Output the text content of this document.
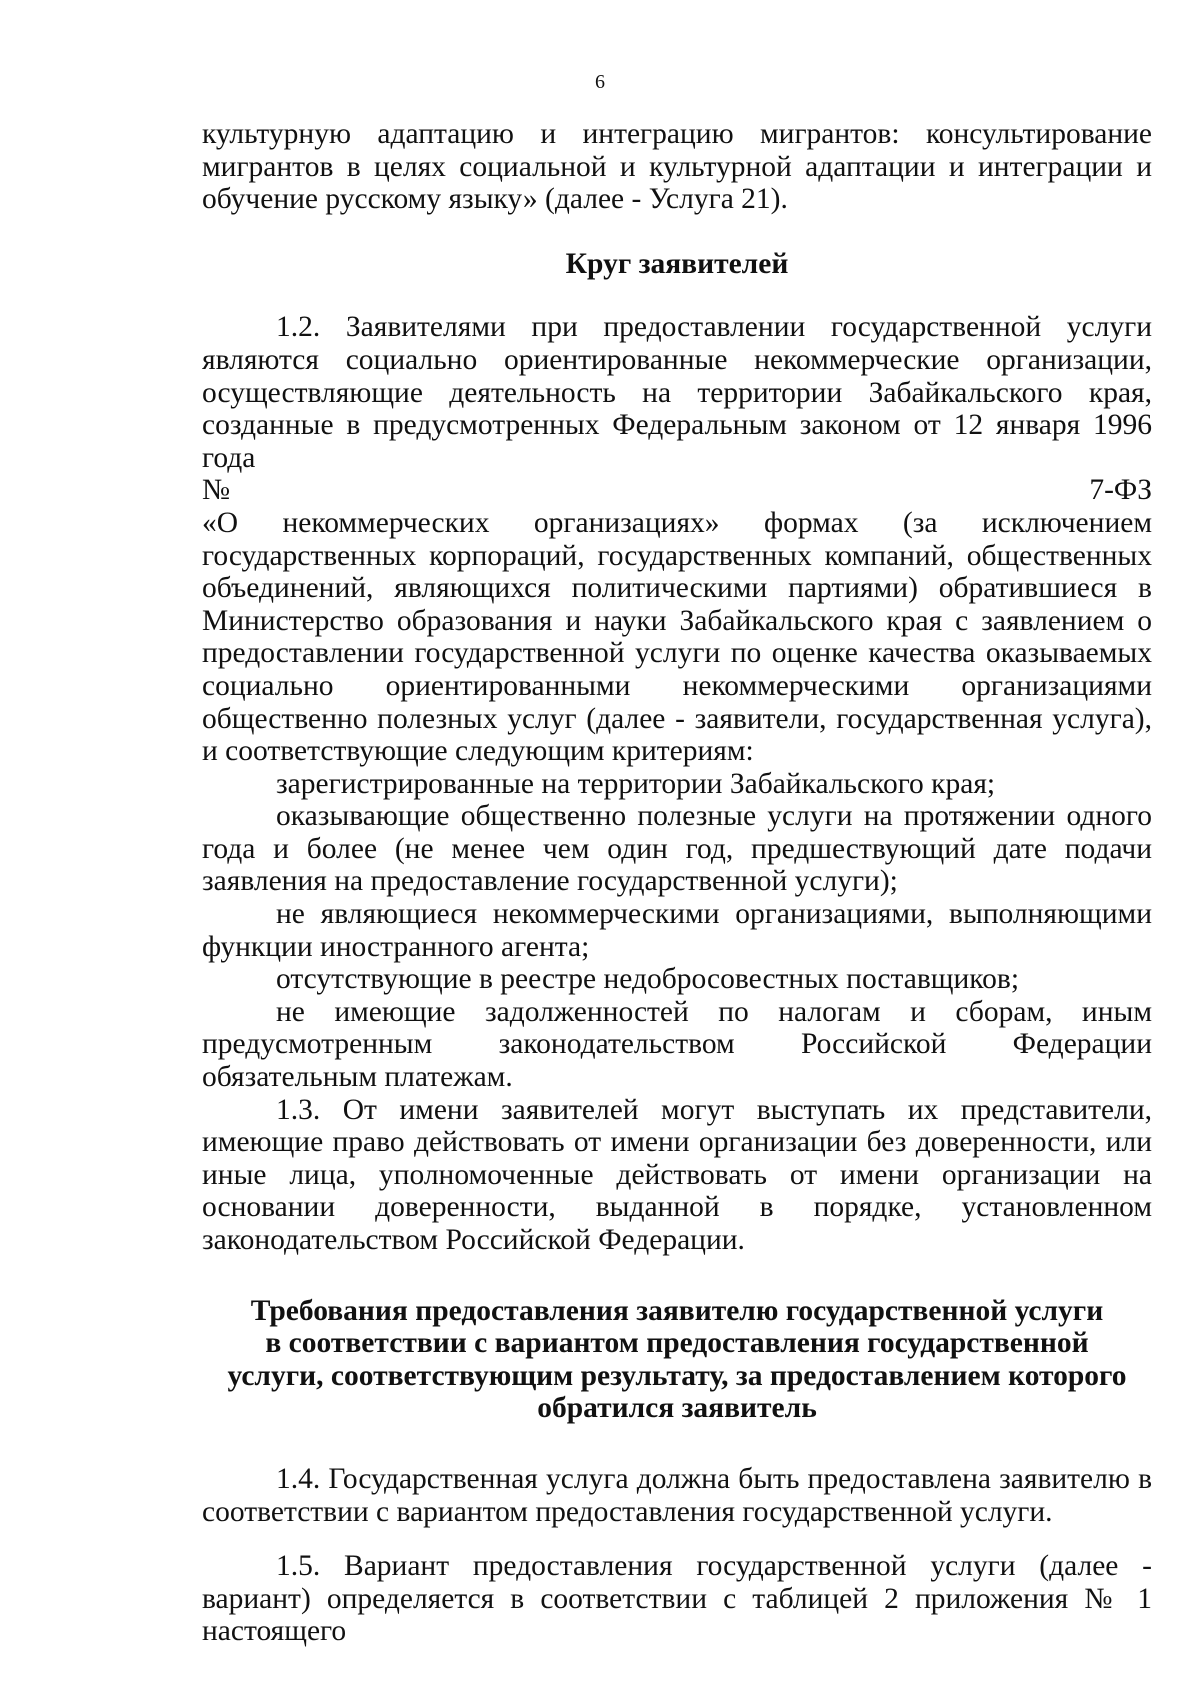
6

культурную адаптацию и интеграцию мигрантов: консультирование мигрантов в целях социальной и культурной адаптации и интеграции и обучение русскому языку» (далее - Услуга 21).

Круг заявителей

1.2. Заявителями при предоставлении государственной услуги являются социально ориентированные некоммерческие организации, осуществляющие деятельность на территории Забайкальского края, созданные в предусмотренных Федеральным законом от 12 января 1996 года

№	7-ФЗ

«О некоммерческих организациях» формах (за исключением государственных корпораций, государственных компаний, общественных объединений, являющихся политическими партиями) обратившиеся в Министерство образования и науки Забайкальского края с заявлением о предоставлении государственной услуги по оценке качества оказываемых социально ориентированными некоммерческими организациями общественно полезных услуг (далее - заявители, государственная услуга), и соответствующие следующим критериям:

зарегистрированные на территории Забайкальского края;

оказывающие общественно полезные услуги на протяжении одного года и более (не менее чем один год, предшествующий дате подачи заявления на предоставление государственной услуги);

не являющиеся некоммерческими организациями, выполняющими функции иностранного агента;

отсутствующие в реестре недобросовестных поставщиков;

не имеющие задолженностей по налогам и сборам, иным предусмотренным законодательством Российской Федерации обязательным платежам.

1.3. От имени заявителей могут выступать их представители, имеющие право действовать от имени организации без доверенности, или иные лица, уполномоченные действовать от имени организации на основании доверенности, выданной в порядке, установленном законодательством Российской Федерации.

Требования предоставления заявителю государственной услуги
в соответствии с вариантом предоставления государственной
услуги, соответствующим результату, за предоставлением которого
обратился заявитель

1.4. Государственная услуга должна быть предоставлена заявителю в соответствии с вариантом предоставления государственной услуги.

1.5. Вариант предоставления государственной услуги (далее - вариант) определяется в соответствии с таблицей 2 приложения № 1 настоящего
